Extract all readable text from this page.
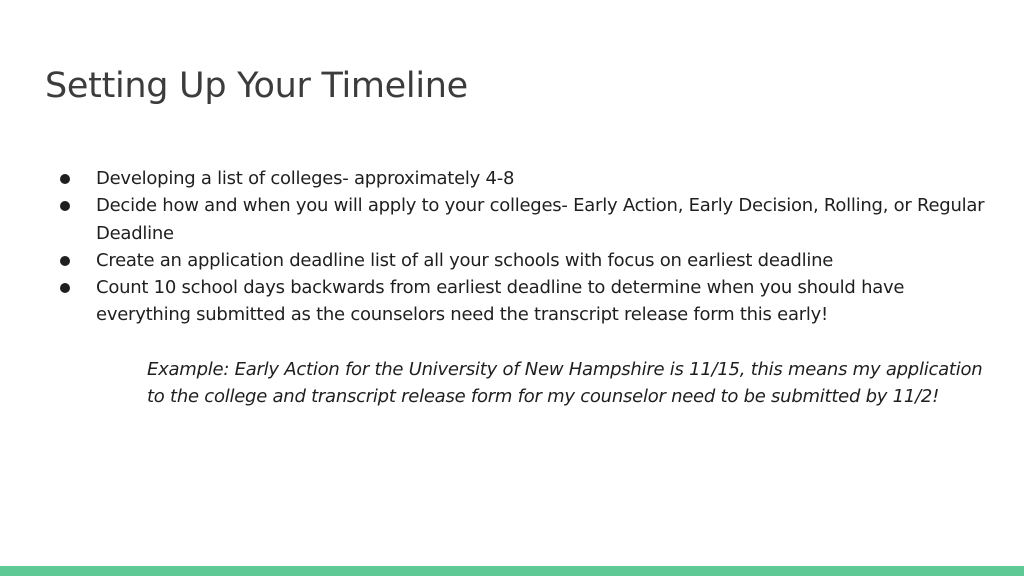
Setting Up Your Timeline
Developing a list of colleges- approximately 4-8
Decide how and when you will apply to your colleges- Early Action, Early Decision, Rolling, or Regular Deadline
Create an application deadline list of all your schools with focus on earliest deadline
Count 10 school days backwards from earliest deadline to determine when you should have everything submitted as the counselors need the transcript release form this early!

Example: Early Action for the University of New Hampshire is 11/15, this means my application to the college and transcript release form for my counselor need to be submitted by 11/2!
